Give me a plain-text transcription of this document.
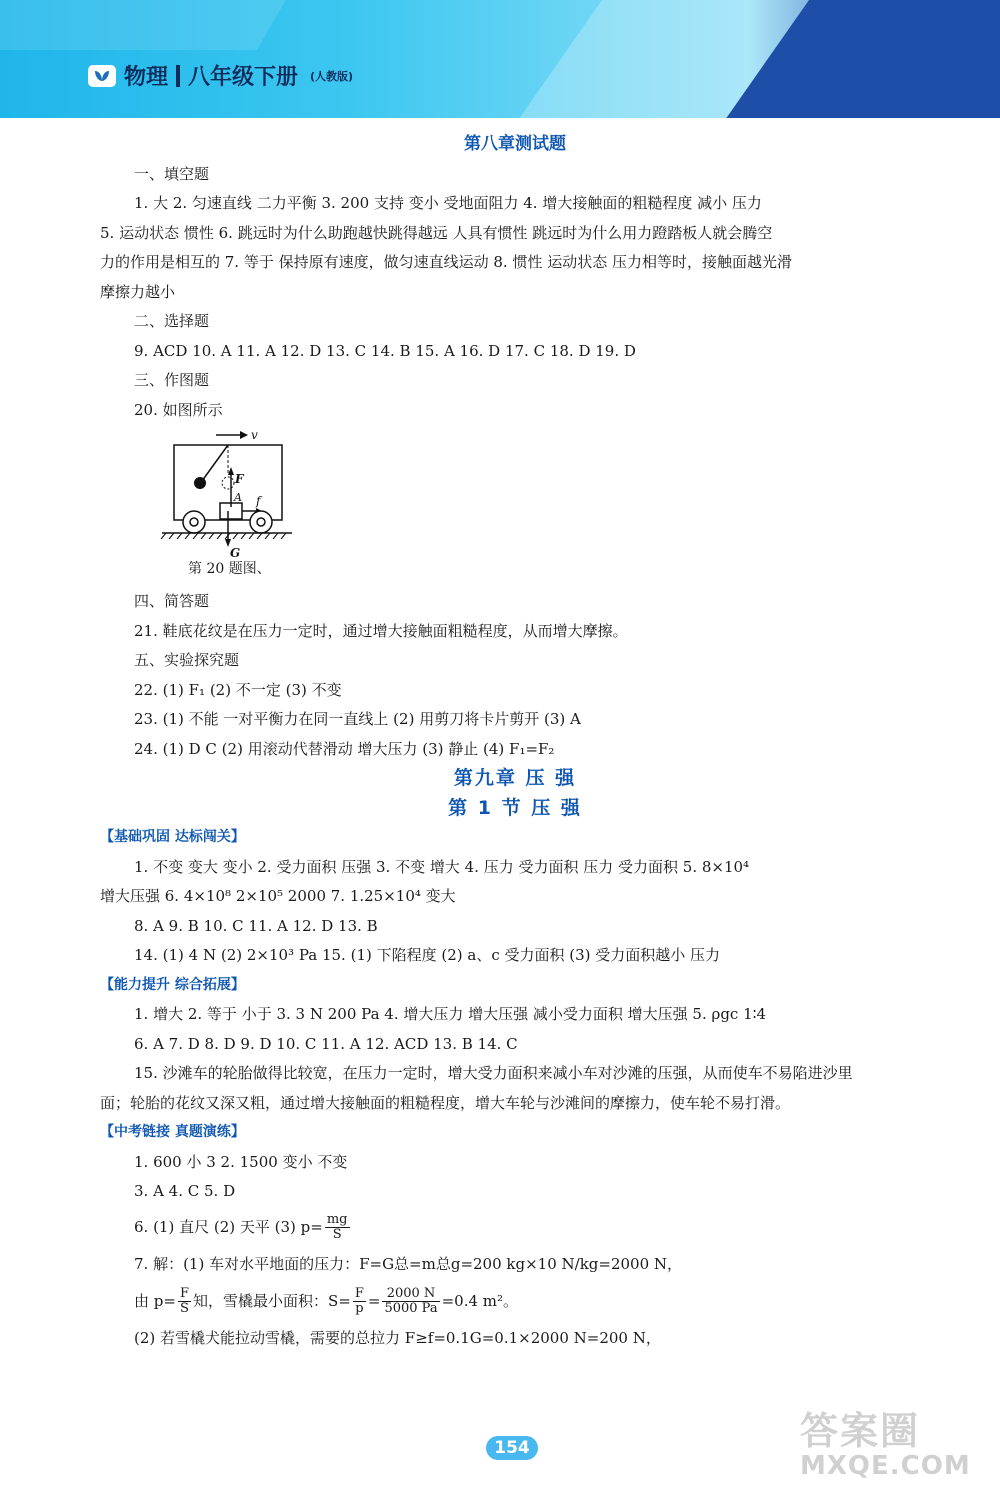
物理 八年级下册 (人教版)

第八章测试题

一、填空题

1. 大 2. 匀速直线 二力平衡 3. 200 支持 变小 受地面阻力 4. 增大接触面的粗糙程度 减小 压力

5. 运动状态 惯性 6. 跳远时为什么助跑越快跳得越远 人具有惯性 跳远时为什么用力蹬踏板人就会腾空

力的作用是相互的 7. 等于 保持原有速度，做匀速直线运动 8. 惯性 运动状态 压力相等时，接触面越光滑

摩擦力越小

二、选择题

9. ACD 10. A 11. A 12. D 13. C 14. B 15. A 16. D 17. C 18. D 19. D

三、作图题

20. 如图所示

v
F
A f
G
第 20 题图、

四、简答题

21. 鞋底花纹是在压力一定时，通过增大接触面粗糙程度，从而增大摩擦。

五、实验探究题

22. (1) F₁ (2) 不一定 (3) 不变

23. (1) 不能 一对平衡力在同一直线上 (2) 用剪刀将卡片剪开 (3) A

24. (1) D C (2) 用滚动代替滑动 增大压力 (3) 静止 (4) F₁=F₂

第九章 压 强

第 1 节 压 强

【基础巩固 达标闯关】

1. 不变 变大 变小 2. 受力面积 压强 3. 不变 增大 4. 压力 受力面积 压力 受力面积 5. 8×10⁴

增大压强 6. 4×10⁸ 2×10⁵ 2000 7. 1.25×10⁴ 变大

8. A 9. B 10. C 11. A 12. D 13. B

14. (1) 4 N (2) 2×10³ Pa 15. (1) 下陷程度 (2) a、c 受力面积 (3) 受力面积越小 压力

【能力提升 综合拓展】

1. 增大 2. 等于 小于 3. 3 N 200 Pa 4. 增大压力 增大压强 减小受力面积 增大压强 5. ρgc 1∶4

6. A 7. D 8. D 9. D 10. C 11. A 12. ACD 13. B 14. C

15. 沙滩车的轮胎做得比较宽，在压力一定时，增大受力面积来减小车对沙滩的压强，从而使车不易陷进沙里

面；轮胎的花纹又深又粗，通过增大接触面的粗糙程度，增大车轮与沙滩间的摩擦力，使车轮不易打滑。

【中考链接 真题演练】

1. 600 小 3 2. 1500 变小 不变

3. A 4. C 5. D

6. (1) 直尺 (2) 天平 (3) $p= \frac{mg}{S}$

7. 解：(1) 车对水平地面的压力：F=G总=m总g=200 kg×10 N/kg=2000 N，

由 $p= \frac{F}{S}$ 知，雪橇最小面积：$S= \frac{F}{p} = \frac{2000 N}{5000 Pa} =0.4$ m²。

(2) 若雪橇犬能拉动雪橇，需要的总拉力 F≥f=0.1G=0.1×2000 N=200 N，

154	答案圈
MXQE.COM
